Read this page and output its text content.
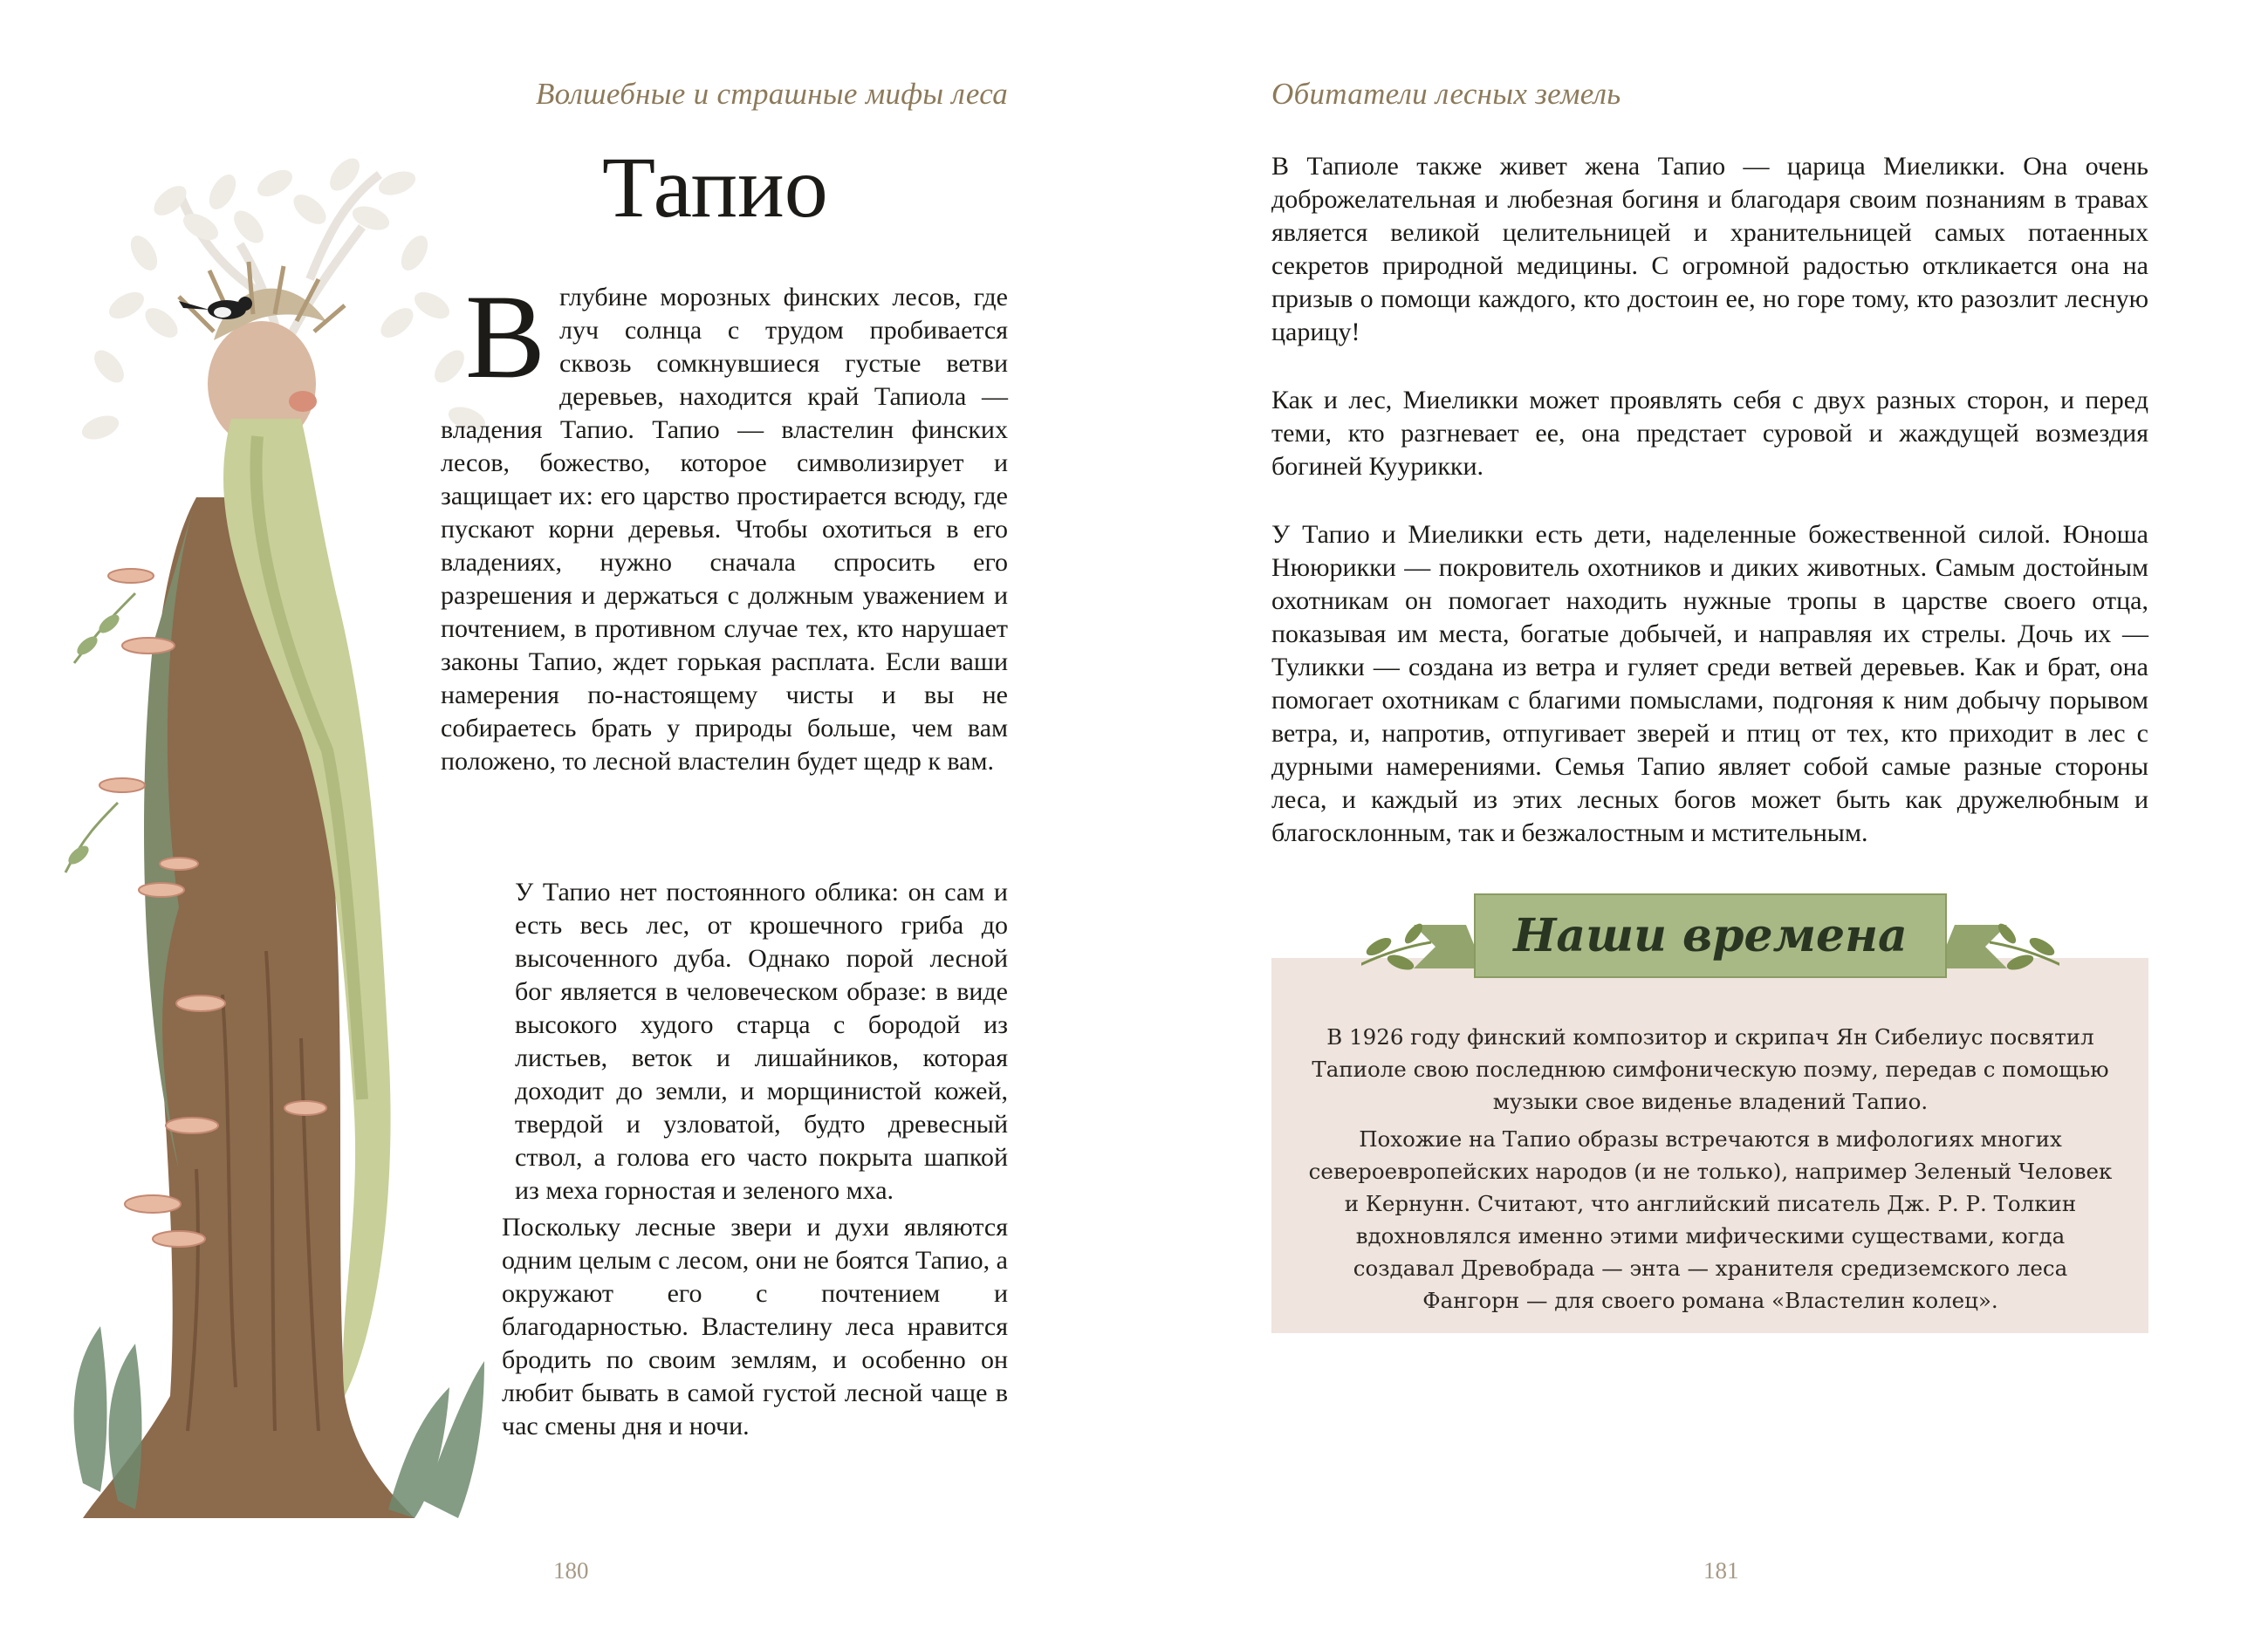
Волшебные и страшные мифы леса

Тапио

Вглубине морозных финских лесов, где луч солнца с трудом пробивается сквозь сомкнувшиеся густые ветви деревьев, находится край Тапиола — владения Тапио. Тапио — властелин финских лесов, божество, которое символизирует и защищает их: его царство простирается всюду, где пускают корни деревья. Чтобы охотиться в его владениях, нужно сначала спросить его разрешения и держаться с должным уважением и почтением, в противном случае тех, кто нарушает законы Тапио, ждет горькая расплата. Если ваши намерения по-настоящему чисты и вы не собираетесь брать у природы больше, чем вам положено, то лесной властелин будет щедр к вам.

У Тапио нет постоянного облика: он сам и есть весь лес, от крошечного гриба до высоченного дуба. Однако порой лесной бог является в человеческом образе: в виде высокого худого старца с бородой из листьев, веток и лишайников, которая доходит до земли, и морщинистой кожей, твердой и узловатой, будто древесный ствол, а голова его часто покрыта шапкой из меха горностая и зеленого мха.

Поскольку лесные звери и духи являются одним целым с лесом, они не боятся Тапио, а окружают его с почтением и благодарностью. Властелину леса нравится бродить по своим землям, и особенно он любит бывать в самой густой лесной чаще в час смены дня и ночи.

180

Обитатели лесных земель

В Тапиоле также живет жена Тапио — царица Миеликки. Она очень доброжелательная и любезная богиня и благодаря своим познаниям в травах является великой целительницей и хранительницей самых потаенных секретов природной медицины. С огромной радостью откликается она на призыв о помощи каждого, кто достоин ее, но горе тому, кто разозлит лесную царицу!

Как и лес, Миеликки может проявлять себя с двух разных сторон, и перед теми, кто разгневает ее, она предстает суровой и жаждущей возмездия богиней Куурикки.

У Тапио и Миеликки есть дети, наделенные божественной силой. Юноша Нююрикки — покровитель охотников и диких животных. Самым достойным охотникам он помогает находить нужные тропы в царстве своего отца, показывая им места, богатые добычей, и направляя их стрелы. Дочь их — Туликки — создана из ветра и гуляет среди ветвей деревьев. Как и брат, она помогает охотникам с благими помыслами, подгоняя к ним добычу порывом ветра, и, напротив, отпугивает зверей и птиц от тех, кто приходит в лес с дурными намерениями. Семья Тапио являет собой самые разные стороны леса, и каждый из этих лесных богов может быть как дружелюбным и благосклонным, так и безжалостным и мстительным.

Наши времена

В 1926 году финский композитор и скрипач Ян Сибелиус посвятил Тапиоле свою последнюю симфоническую поэму, передав с помощью музыки свое виденье владений Тапио.

Похожие на Тапио образы встречаются в мифологиях многих североевропейских народов (и не только), например Зеленый Человек и Кернунн. Считают, что английский писатель Дж. Р. Р. Толкин вдохновлялся именно этими мифическими существами, когда создавал Древобрада — энта — хранителя средиземского леса Фангорн — для своего романа «Властелин колец».

181
